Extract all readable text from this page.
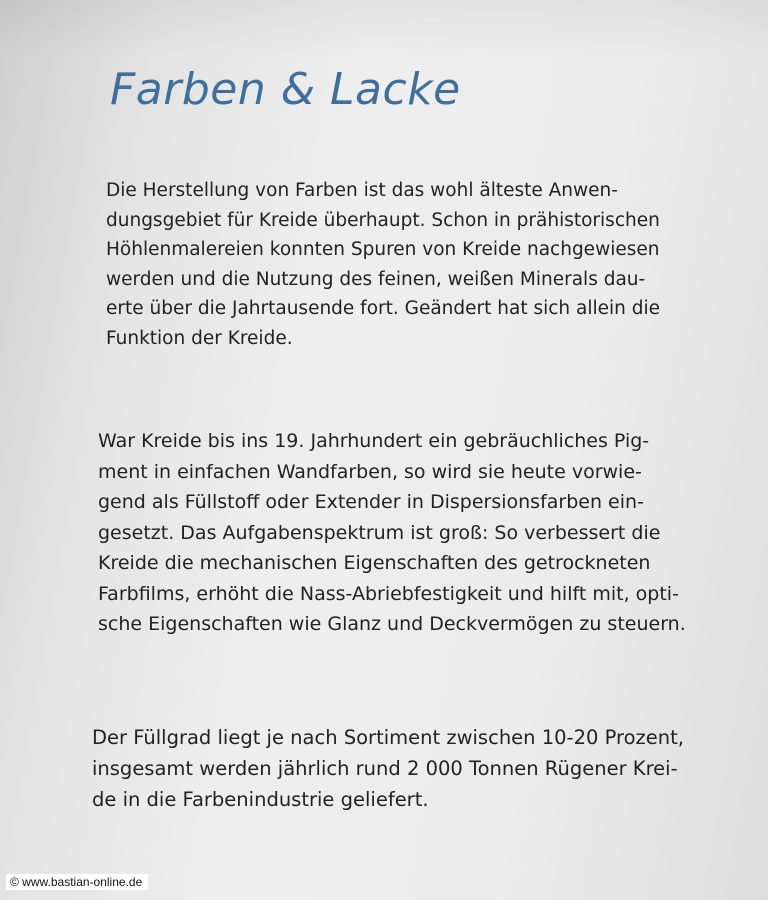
Farben & Lacke

Die Herstellung von Farben ist das wohl älteste Anwen-
dungsgebiet für Kreide überhaupt. Schon in prähistorischen
Höhlenmalereien konnten Spuren von Kreide nachgewiesen
werden und die Nutzung des feinen, weißen Minerals dau-
erte über die Jahrtausende fort. Geändert hat sich allein die
Funktion der Kreide.

War Kreide bis ins 19. Jahrhundert ein gebräuchliches Pig-
ment in einfachen Wandfarben, so wird sie heute vorwie-
gend als Füllstoff oder Extender in Dispersionsfarben ein-
gesetzt. Das Aufgabenspektrum ist groß: So verbessert die
Kreide die mechanischen Eigenschaften des getrockneten
Farbfilms, erhöht die Nass-Abriebfestigkeit und hilft mit, opti-
sche Eigenschaften wie Glanz und Deckvermögen zu steuern.

Der Füllgrad liegt je nach Sortiment zwischen 10-20 Prozent,
insgesamt werden jährlich rund 2 000 Tonnen Rügener Krei-
de in die Farbenindustrie geliefert.

© www.bastian-online.de
